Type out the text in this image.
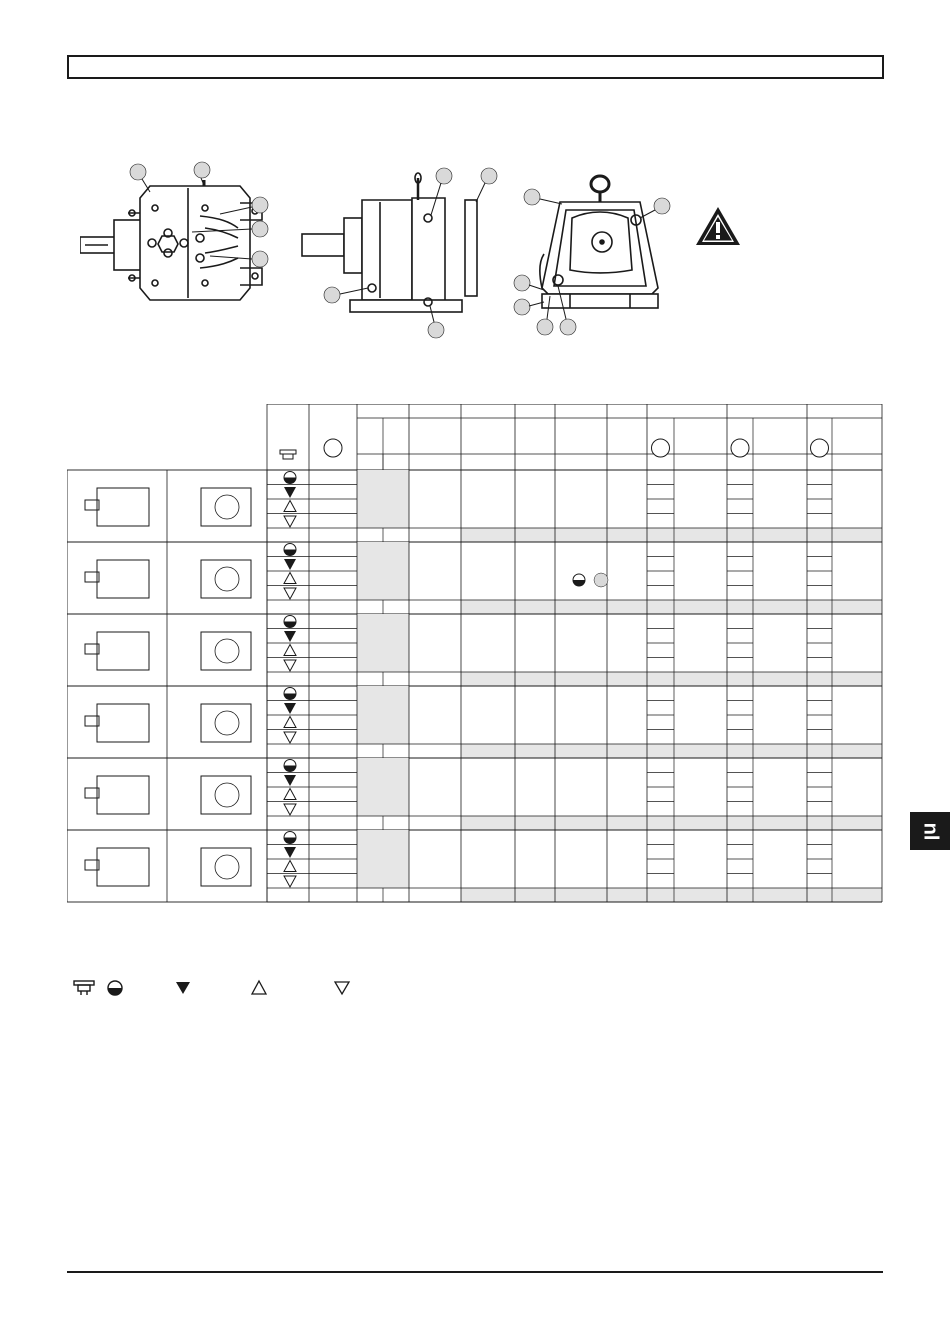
nl
